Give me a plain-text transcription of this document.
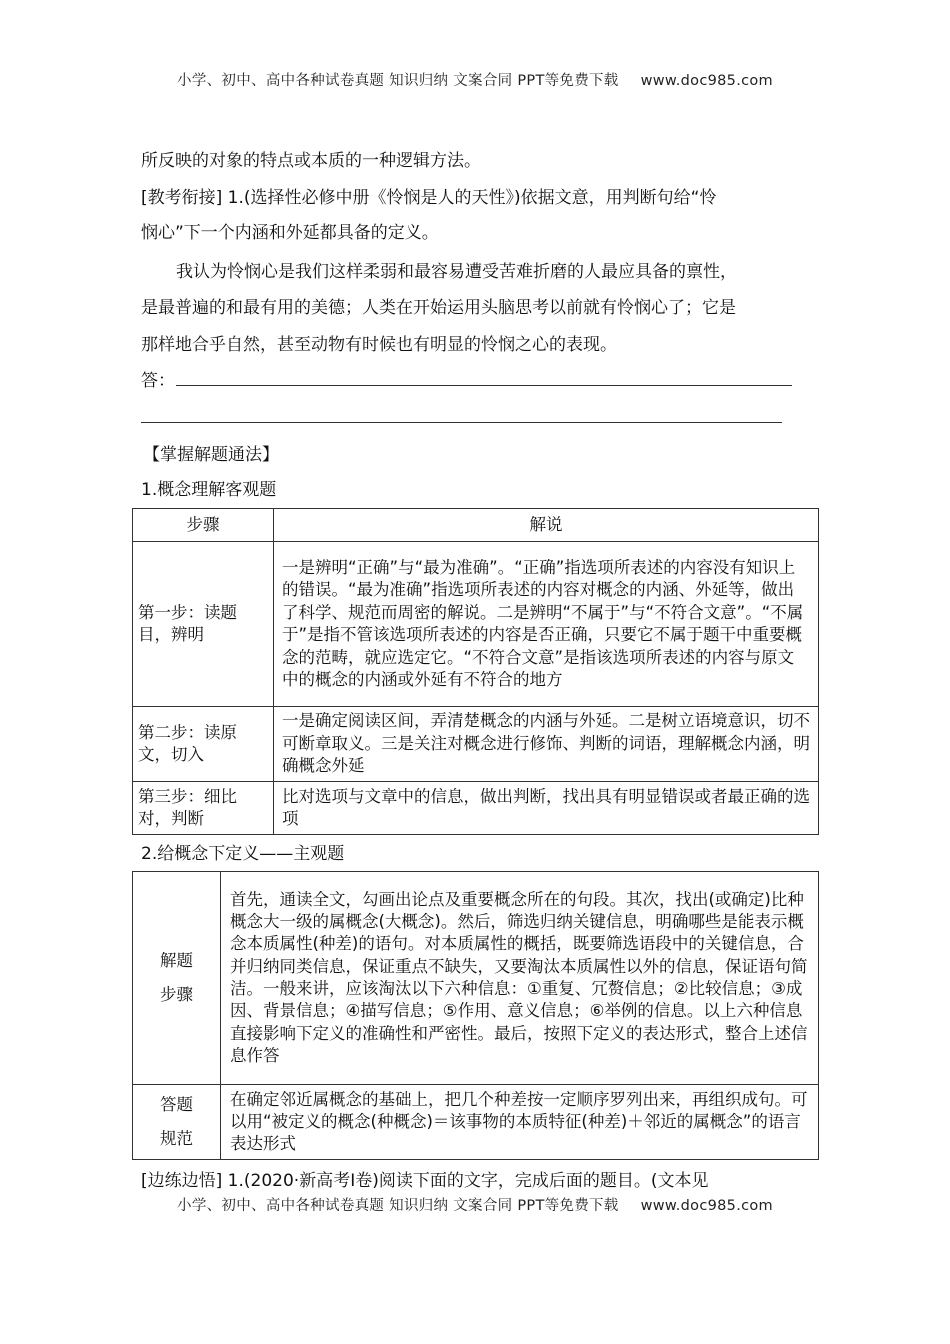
小学、初中、高中各种试卷真题 知识归纳 文案合同 PPT等免费下载 www.doc985.com
所反映的对象的特点或本质的一种逻辑方法。
[教考衔接] 1.(选择性必修中册《怜悯是人的天性》)依据文意，用判断句给“怜
悯心”下一个内涵和外延都具备的定义。
我认为怜悯心是我们这样柔弱和最容易遭受苦难折磨的人最应具备的禀性，
是最普遍的和最有用的美德；人类在开始运用头脑思考以前就有怜悯心了；它是
那样地合乎自然，甚至动物有时候也有明显的怜悯之心的表现。
答：
【掌握解题通法】
1.概念理解客观题
步骤	解说
第一步：读题目，辨明	一是辨明“正确”与“最为准确”。“正确”指选项所表述的内容没有知识上的错误。“最为准确”指选项所表述的内容对概念的内涵、外延等，做出了科学、规范而周密的解说。二是辨明“不属于”与“不符合文意”。“不属于”是指不管该选项所表述的内容是否正确，只要它不属于题干中重要概念的范畴，就应选定它。“不符合文意”是指该选项所表述的内容与原文中的概念的内涵或外延有不符合的地方
第二步：读原文，切入	一是确定阅读区间，弄清楚概念的内涵与外延。二是树立语境意识，切不可断章取义。三是关注对概念进行修饰、判断的词语，理解概念内涵，明确概念外延
第三步：细比对，判断	比对选项与文章中的信息，做出判断，找出具有明显错误或者最正确的选项
2.给概念下定义——主观题
解题
步骤	首先，通读全文，勾画出论点及重要概念所在的句段。其次，找出(或确定)比种概念大一级的属概念(大概念)。然后，筛选归纳关键信息，明确哪些是能表示概念本质属性(种差)的语句。对本质属性的概括，既要筛选语段中的关键信息，合并归纳同类信息，保证重点不缺失，又要淘汰本质属性以外的信息，保证语句简洁。一般来讲，应该淘汰以下六种信息：①重复、冗赘信息；②比较信息；③成因、背景信息；④描写信息；⑤作用、意义信息；⑥举例的信息。以上六种信息直接影响下定义的准确性和严密性。最后，按照下定义的表达形式，整合上述信息作答

答题
规范	在确定邻近属概念的基础上，把几个种差按一定顺序罗列出来，再组织成句。可以用“被定义的概念(种概念)＝该事物的本质特征(种差)＋邻近的属概念”的语言表达形式
[边练边悟] 1.(2020·新高考Ⅰ卷)阅读下面的文字，完成后面的题目。(文本见
小学、初中、高中各种试卷真题 知识归纳 文案合同 PPT等免费下载 www.doc985.com
